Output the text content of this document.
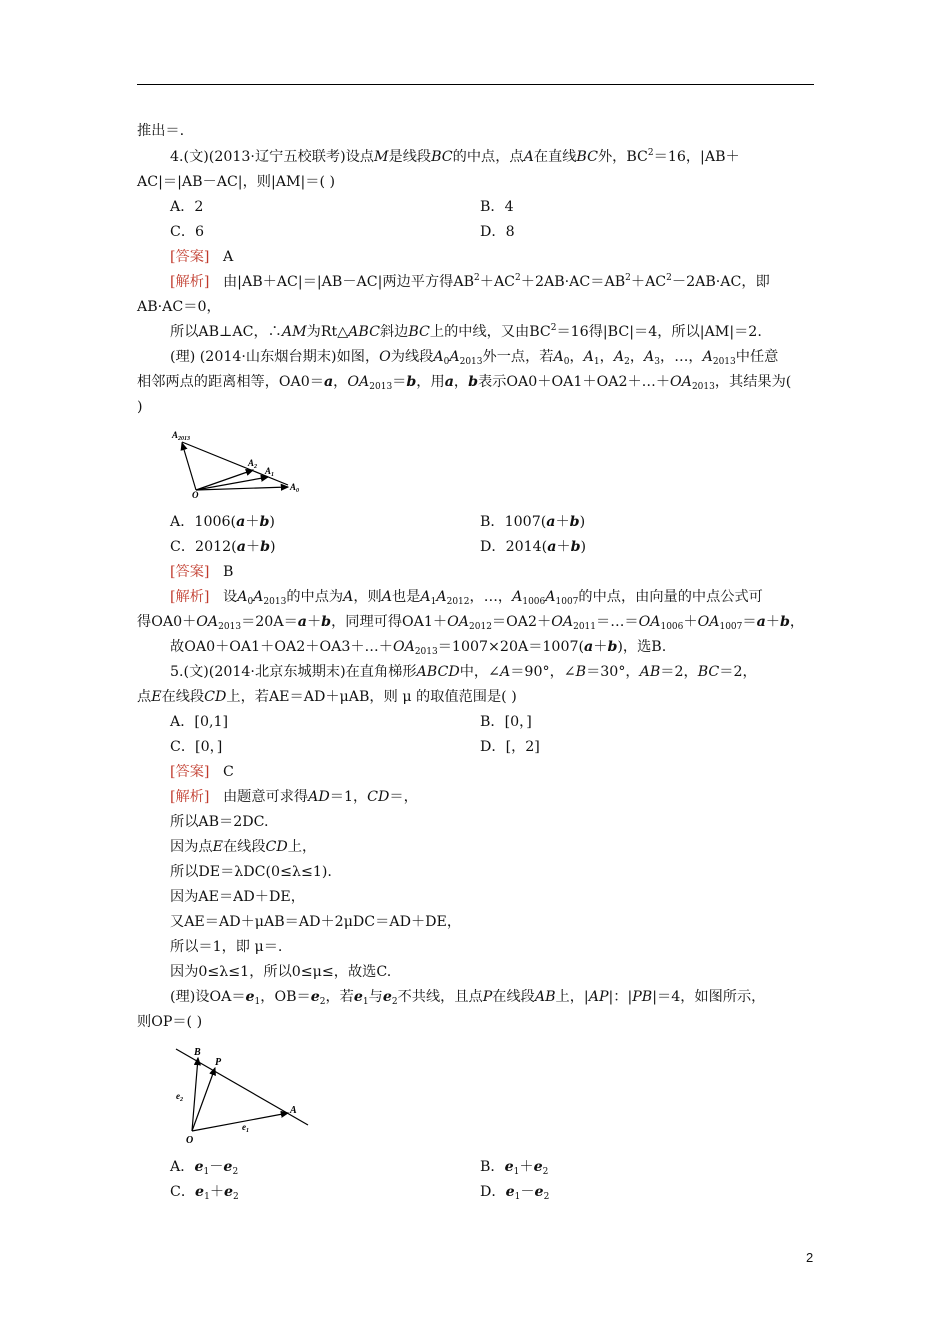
推出＝.
4.(文)(2013·辽宁五校联考)设点M是线段BC的中点，点A在直线BC外，$BC^2=16$，|AB＋
AC|＝|AB－AC|，则|AM|＝( )
A．2	B．4
C．6	D．8
[答案] A
[解析] 由|AB＋AC|＝|AB－AC|两边平方得$AB^2+AC^2+2AB\cdot AC=AB^2+AC^2-2AB\cdot AC$，即
AB·AC＝0，
所以AB⊥AC，∴AM为Rt△ABC斜边BC上的中线，又由$BC^2=16$得|BC|＝4，所以|AM|＝2.
(理) (2014·山东烟台期末)如图，O为线段$A_0A_{2013}$外一点，若$A_0$，$A_1$，$A_2$，$A_3$，…，$A_{2013}$中任意
相邻两点的距离相等，OA0＝a，$OA_{2013}=b$，用a，b表示$OA0+OA1+OA2+\dots+OA_{2013}$，其结果为(
)
$A_{2013}$
$A_2$ $A_1$
$A_0$
O
A．1006(a＋b)	B．1007(a＋b)
C．2012(a＋b)	D．2014(a＋b)
[答案] B
[解析] 设$A_0A_{2013}$的中点为A，则A也是$A_1A_{2012}$，…，$A_{1006}A_{1007}$的中点，由向量的中点公式可
得$OA0+OA_{2013}=20A=a+b$，同理可得$OA1+OA_{2012}=OA2+OA_{2011}=\dots=OA_{1006}+OA_{1007}=a+b$，
故$OA0+OA1+OA2+OA3+\dots+OA_{2013}=1007\times 20A=1007(a+b)$，选B.
5.(文)(2014·北京东城期末)在直角梯形ABCD中，∠A＝90°，∠B＝30°，AB＝2，BC＝2，
点E在线段CD上，若AE＝AD＋μAB，则 μ 的取值范围是( )
A．[0,1]	B．[0，]
C．[0，]	D．[，2]
[答案] C
[解析] 由题意可求得AD＝1，CD＝，
所以AB＝2DC.
因为点E在线段CD上，
所以DE＝λDC(0≤λ≤1).
因为AE＝AD＋DE，
又AE＝AD＋μAB＝AD＋2μDC＝AD＋DE，
所以＝1，即 μ＝.
因为0≤λ≤1，所以0≤μ≤，故选C.
(理)设$OA=e_1$，$OB=e_2$，若$e_1$与$e_2$不共线，且点P在线段AB上，|AP|：|PB|＝4，如图所示，
则OP＝( )
B
P
A
O
$e_2$
$e_1$
A．$e_1-e_2$	B．$e_1+e_2$
C．$e_1+e_2$	D．$e_1-e_2$
2
